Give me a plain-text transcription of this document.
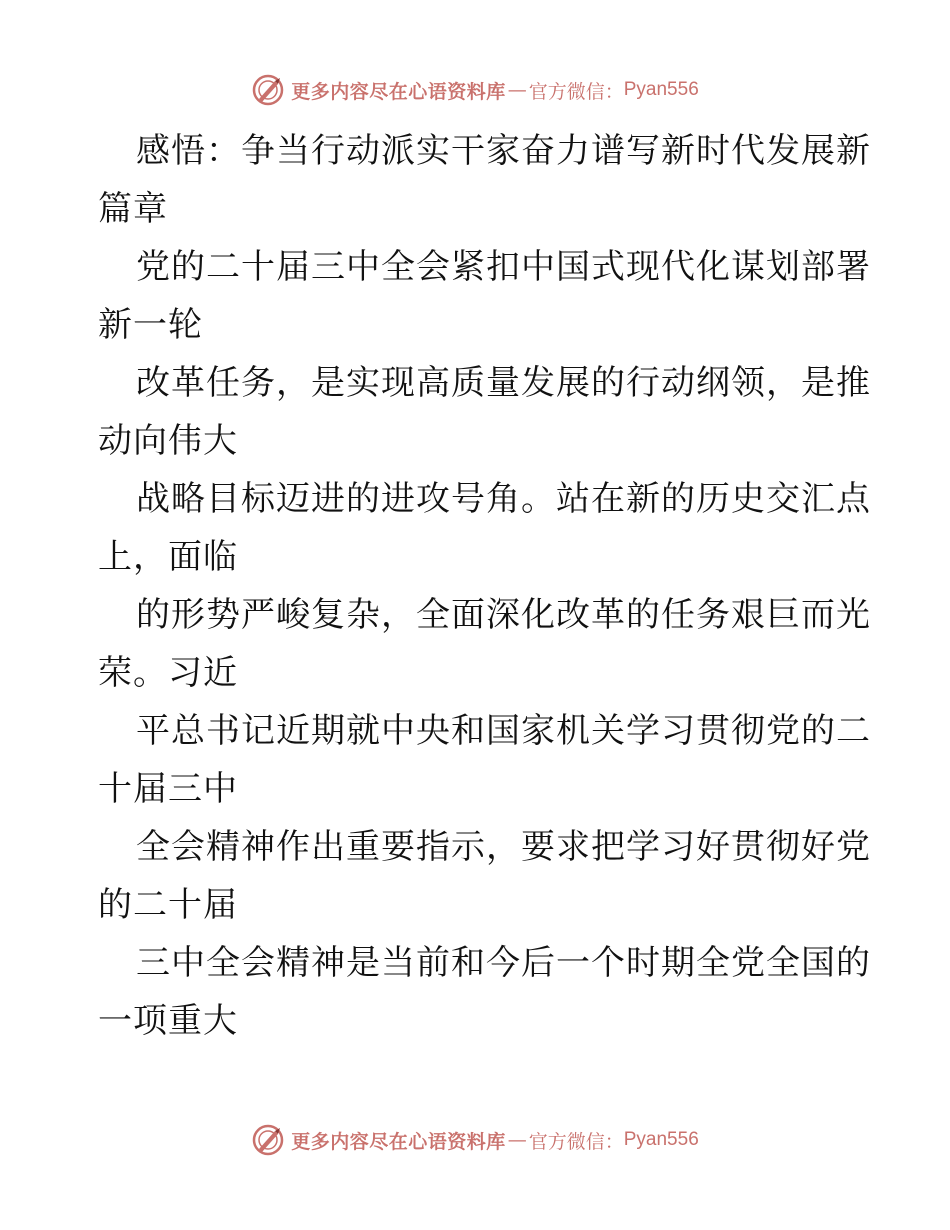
更多内容尽在心语资料库 — 官方微信： Pyan556
感悟：争当行动派实干家奋力谱写新时代发展新
篇章
党的二十届三中全会紧扣中国式现代化谋划部署
新一轮
改革任务，是实现高质量发展的行动纲领，是推
动向伟大
战略目标迈进的进攻号角。站在新的历史交汇点
上，面临
的形势严峻复杂，全面深化改革的任务艰巨而光
荣。习近
平总书记近期就中央和国家机关学习贯彻党的二
十届三中
全会精神作出重要指示，要求把学习好贯彻好党
的二十届
三中全会精神是当前和今后一个时期全党全国的
一项重大
更多内容尽在心语资料库 — 官方微信： Pyan556
